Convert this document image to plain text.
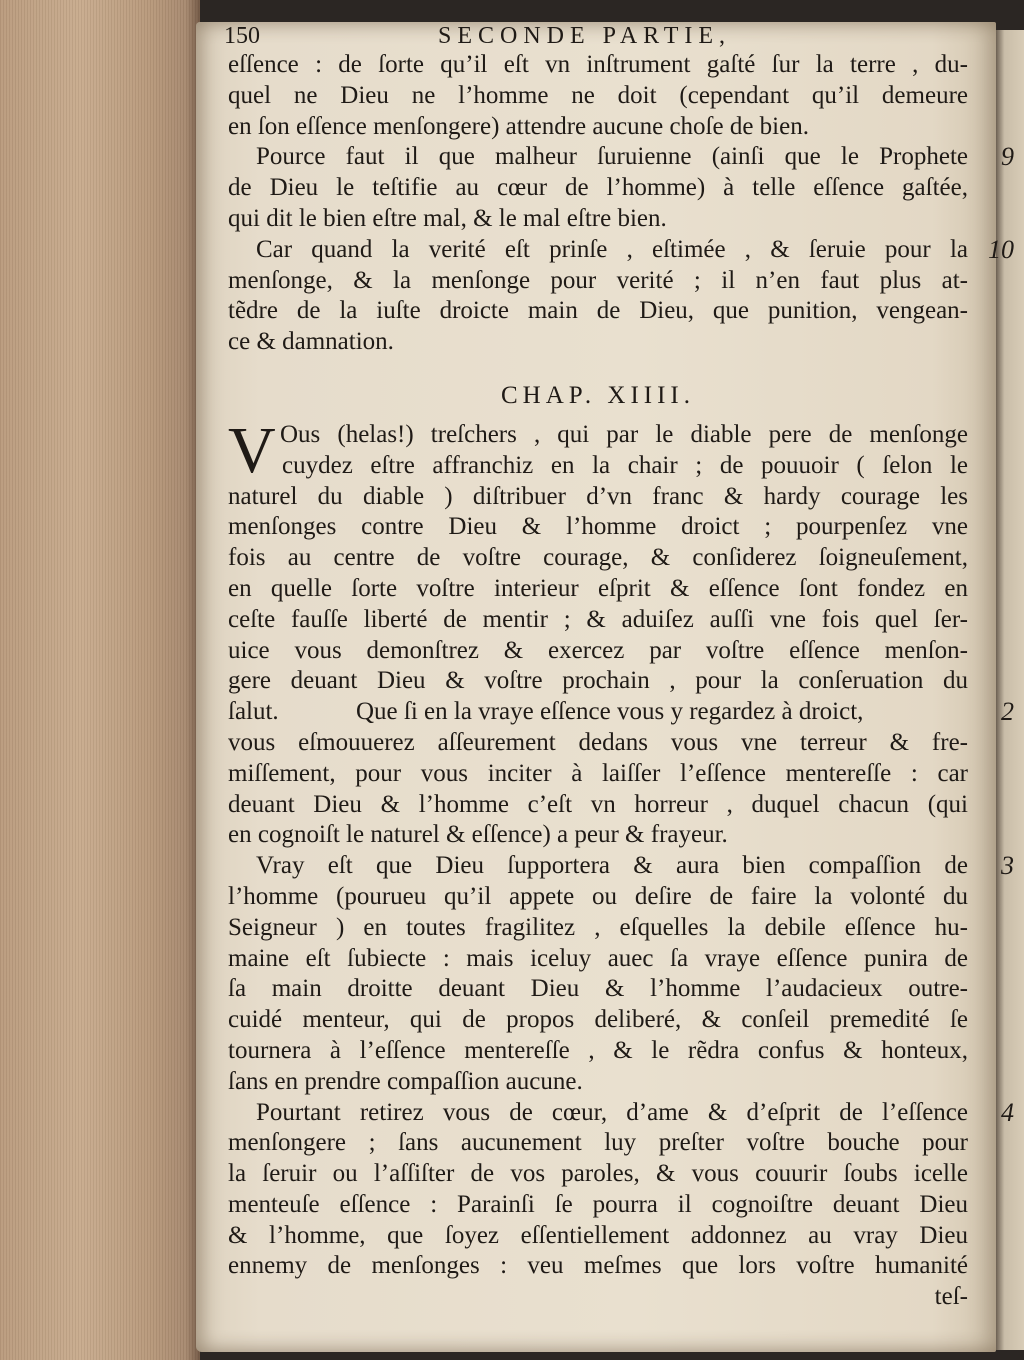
150	SECONDE PARTIE,
eſſence : de ſorte qu’il eſt vn inſtrument gaſté ſur la terre , du-
quel ne Dieu ne l’homme ne doit (cependant qu’il demeure
en ſon eſſence menſongere) attendre aucune choſe de bien.
Pource faut il que malheur ſuruienne (ainſi que le Prophete 9
de Dieu le teſtifie au cœur de l’homme) à telle eſſence gaſtée,
qui dit le bien eſtre mal, & le mal eſtre bien.
Car quand la verité eſt prinſe , eſtimée , & ſeruie pour la 10
menſonge, & la menſonge pour verité ; il n’en faut plus at-
tẽdre de la iuſte droicte main de Dieu, que punition, vengean-
ce & damnation.
CHAP. XIIII.
V Ous (helas!) treſchers , qui par le diable pere de menſonge
cuydez eſtre affranchiz en la chair ; de pouuoir ( ſelon le
naturel du diable ) diſtribuer d’vn franc & hardy courage les
menſonges contre Dieu & l’homme droict ; pourpenſez vne
fois au centre de voſtre courage, & conſiderez ſoigneuſement,
en quelle ſorte voſtre interieur eſprit & eſſence ſont fondez en
ceſte fauſſe liberté de mentir ; & aduiſez auſſi vne fois quel ſer-
uice vous demonſtrez & exercez par voſtre eſſence menſon-
gere deuant Dieu & voſtre prochain , pour la conſeruation du
ſalut.	Que ſi en la vraye eſſence vous y regardez à droict,	2
vous eſmouuerez aſſeurement dedans vous vne terreur & fre-
miſſement, pour vous inciter à laiſſer l’eſſence mentereſſe : car
deuant Dieu & l’homme c’eſt vn horreur , duquel chacun (qui
en cognoiſt le naturel & eſſence) a peur & frayeur.
Vray eſt que Dieu ſupportera & aura bien compaſſion de 3
l’homme (pourueu qu’il appete ou deſire de faire la volonté du
Seigneur ) en toutes fragilitez , eſquelles la debile eſſence hu-
maine eſt ſubiecte : mais iceluy auec ſa vraye eſſence punira de
ſa main droitte deuant Dieu & l’homme l’audacieux outre-
cuidé menteur, qui de propos deliberé, & conſeil premedité ſe
tournera à l’eſſence mentereſſe , & le rẽdra confus & honteux,
ſans en prendre compaſſion aucune.
Pourtant retirez vous de cœur, d’ame & d’eſprit de l’eſſence 4
menſongere ; ſans aucunement luy preſter voſtre bouche pour
la ſeruir ou l’aſſiſter de vos paroles, & vous couurir ſoubs icelle
menteuſe eſſence : Parainſi ſe pourra il cognoiſtre deuant Dieu
& l’homme, que ſoyez eſſentiellement addonnez au vray Dieu
ennemy de menſonges : veu meſmes que lors voſtre humanité
teſ-
